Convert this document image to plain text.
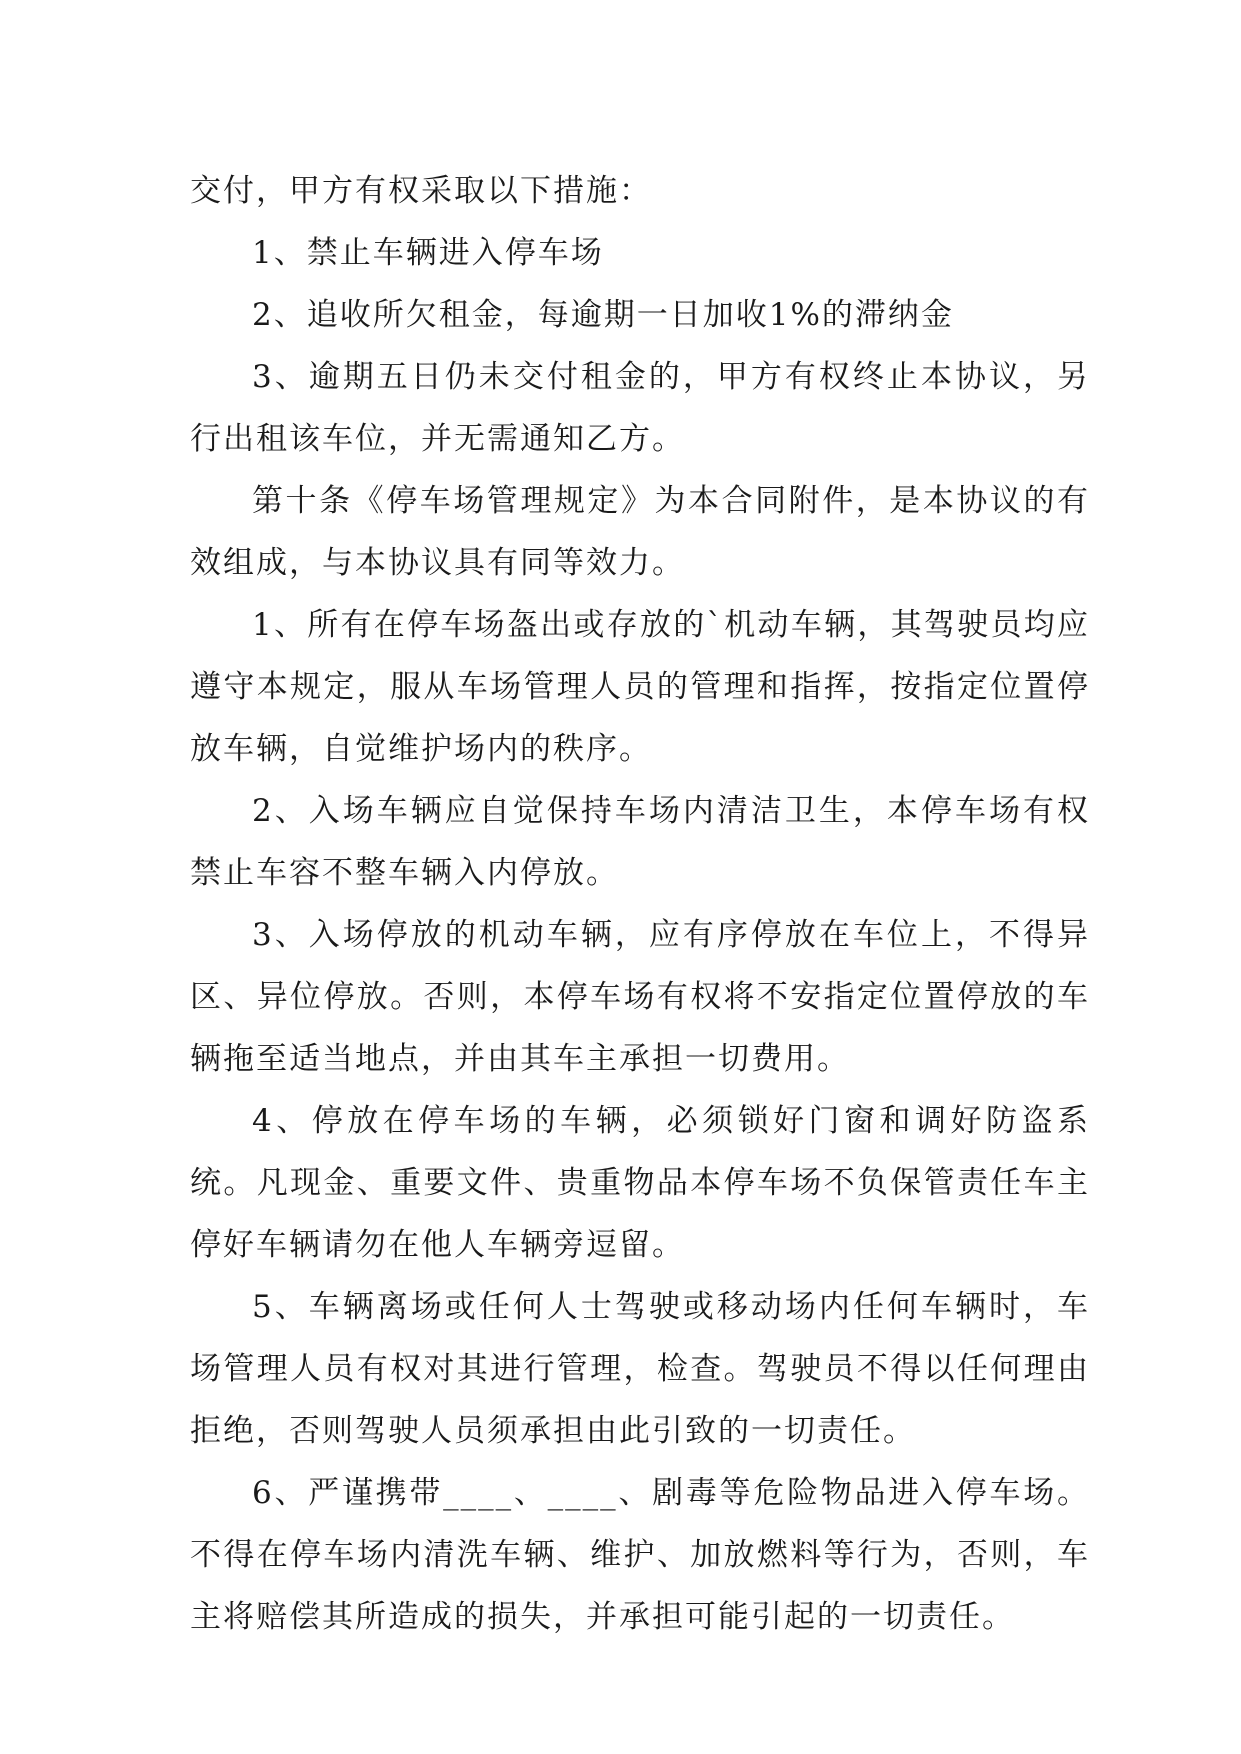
交付，甲方有权采取以下措施：

1、禁止车辆进入停车场

2、追收所欠租金，每逾期一日加收1%的滞纳金

3、逾期五日仍未交付租金的，甲方有权终止本协议，另行出租该车位，并无需通知乙方。

第十条《停车场管理规定》为本合同附件，是本协议的有效组成，与本协议具有同等效力。

1、所有在停车场盔出或存放的`机动车辆，其驾驶员均应遵守本规定，服从车场管理人员的管理和指挥，按指定位置停放车辆，自觉维护场内的秩序。

2、入场车辆应自觉保持车场内清洁卫生，本停车场有权禁止车容不整车辆入内停放。

3、入场停放的机动车辆，应有序停放在车位上，不得异区、异位停放。否则，本停车场有权将不安指定位置停放的车辆拖至适当地点，并由其车主承担一切费用。

4、停放在停车场的车辆，必须锁好门窗和调好防盗系统。凡现金、重要文件、贵重物品本停车场不负保管责任车主停好车辆请勿在他人车辆旁逗留。

5、车辆离场或任何人士驾驶或移动场内任何车辆时，车场管理人员有权对其进行管理，检查。驾驶员不得以任何理由拒绝，否则驾驶人员须承担由此引致的一切责任。

6、严谨携带____、____、剧毒等危险物品进入停车场。不得在停车场内清洗车辆、维护、加放燃料等行为，否则，车主将赔偿其所造成的损失，并承担可能引起的一切责任。
